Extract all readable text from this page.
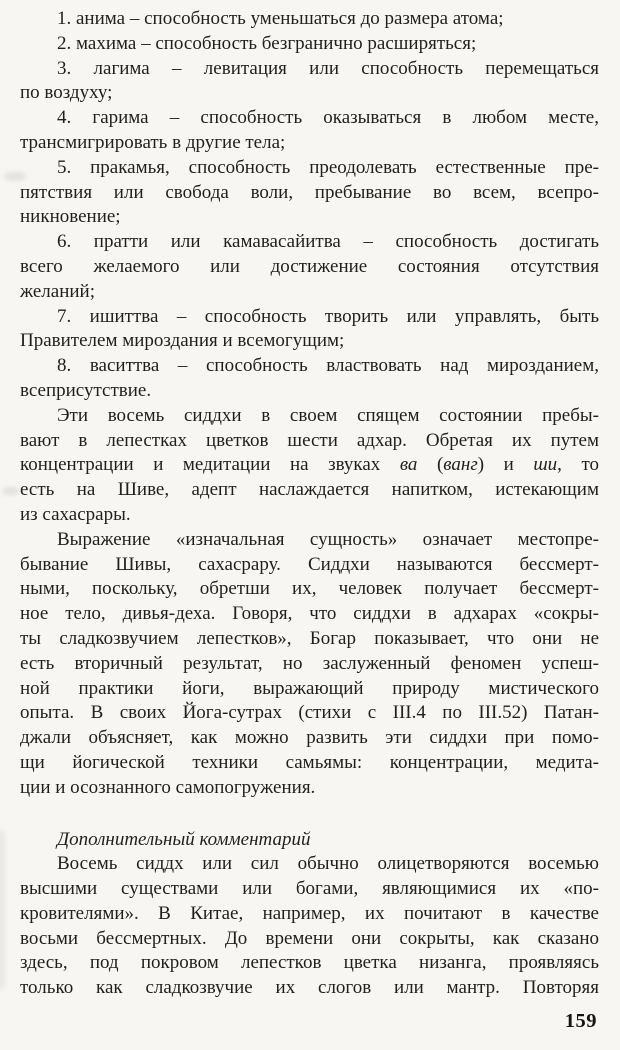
1. анима – способность уменьшаться до размера атома;
2. махима – способность безгранично расширяться;
3. лагима – левитация или способность перемещаться
по воздуху;
4. гарима – способность оказываться в любом месте,
трансмигрировать в другие тела;
5. пракамья, способность преодолевать естественные пре-
пятствия или свобода воли, пребывание во всем, всепро-
никновение;
6. пратти или камавасайитва – способность достигать
всего желаемого или достижение состояния отсутствия
желаний;
7. ишиттва – способность творить или управлять, быть
Правителем мироздания и всемогущим;
8. васиттва – способность властвовать над мирозданием,
всеприсутствие.
Эти восемь сиддхи в своем спящем состоянии пребы-
вают в лепестках цветков шести адхар. Обретая их путем
концентрации и медитации на звуках ва (ванг) и ши, то
есть на Шиве, адепт наслаждается напитком, истекающим
из сахасрары.
Выражение «изначальная сущность» означает местопре-
бывание Шивы, сахасрару. Сиддхи называются бессмерт-
ными, поскольку, обретши их, человек получает бессмерт-
ное тело, дивья-деха. Говоря, что сиддхи в адхарах «сокры-
ты сладкозвучием лепестков», Богар показывает, что они не
есть вторичный результат, но заслуженный феномен успеш-
ной практики йоги, выражающий природу мистического
опыта. В своих Йога-сутрах (стихи с III.4 по III.52) Патан-
джали объясняет, как можно развить эти сиддхи при помо-
щи йогической техники самьямы: концентрации, медита-
ции и осознанного самопогружения.
Дополнительный комментарий
Восемь сиддх или сил обычно олицетворяются восемью
высшими существами или богами, являющимися их «по-
кровителями». В Китае, например, их почитают в качестве
восьми бессмертных. До времени они сокрыты, как сказано
здесь, под покровом лепестков цветка низанга, проявляясь
только как сладкозвучие их слогов или мантр. Повторяя
159
